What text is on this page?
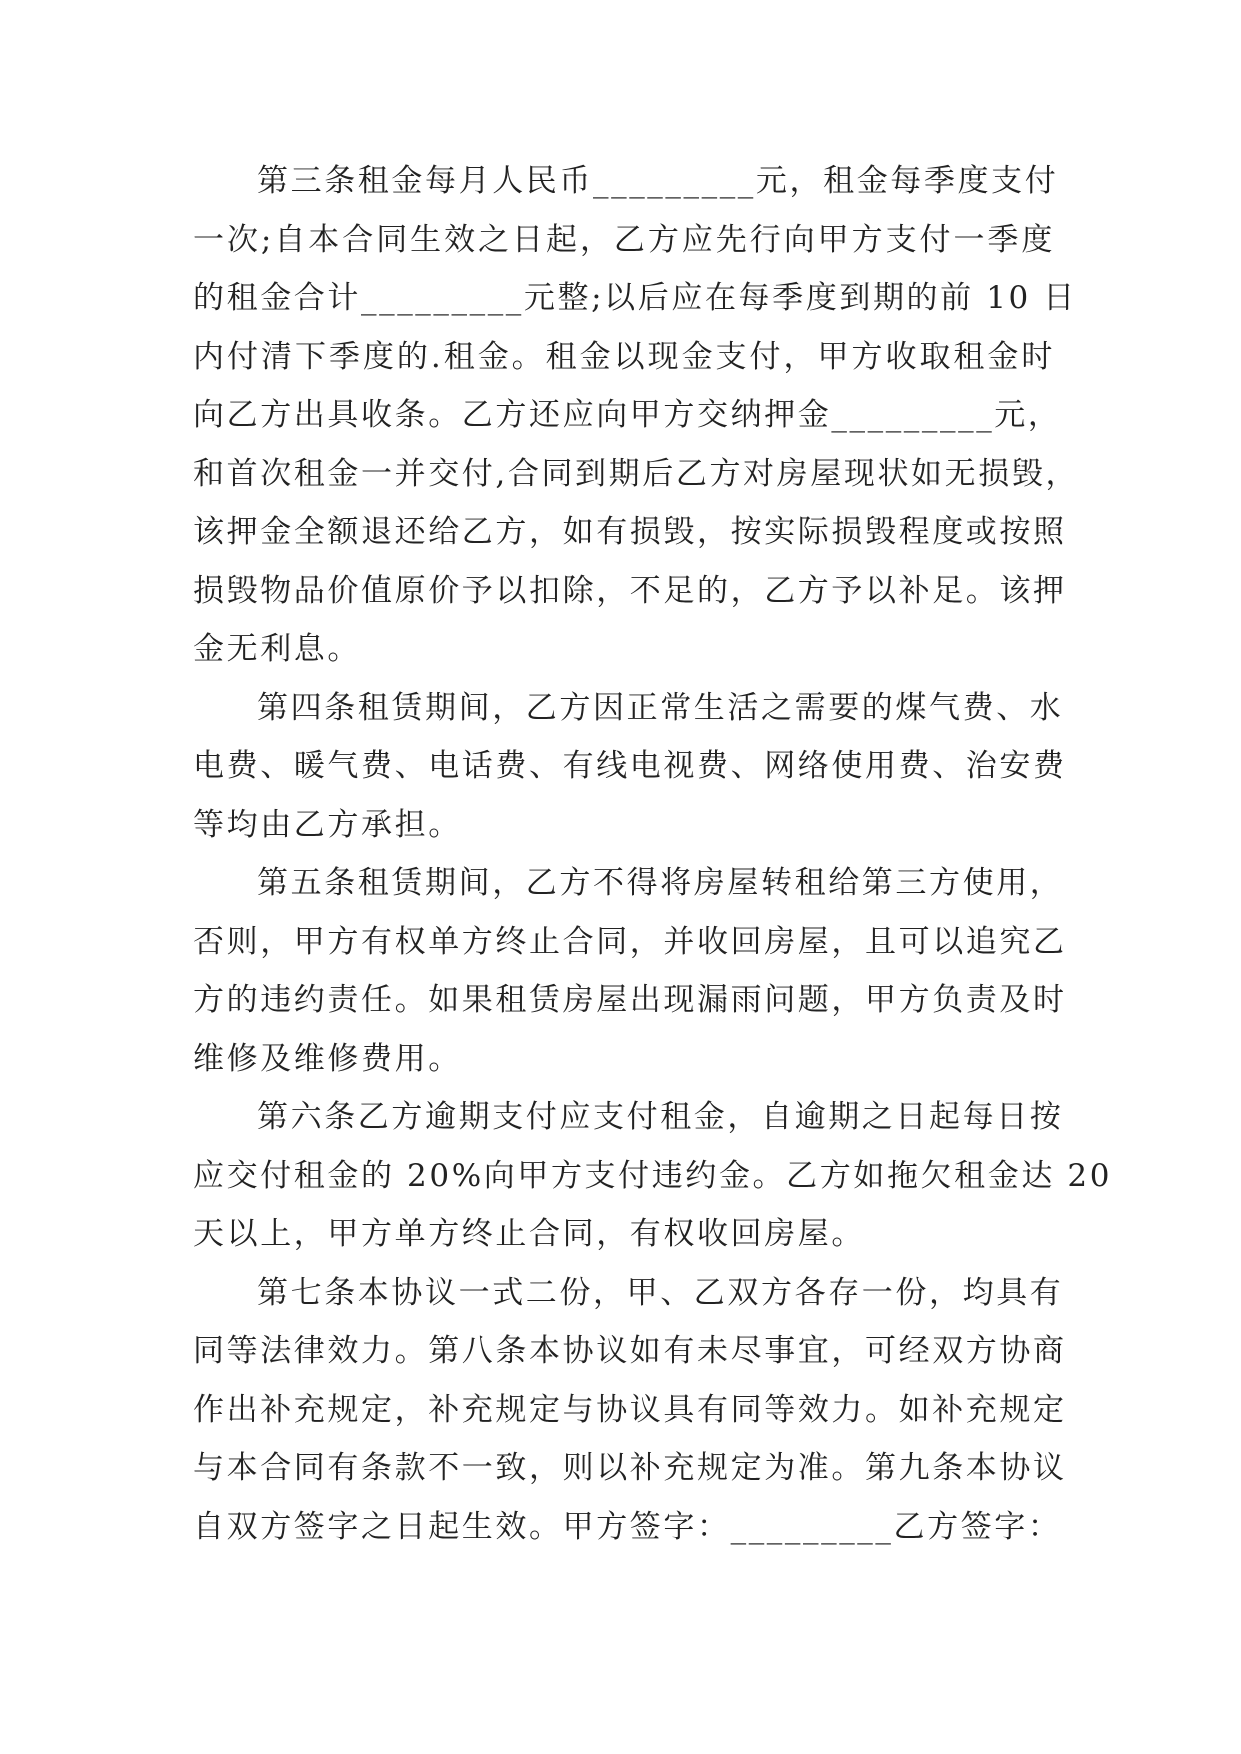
第三条租金每月人民币_________元，租金每季度支付
一次;自本合同生效之日起，乙方应先行向甲方支付一季度
的租金合计_________元整;以后应在每季度到期的前 10 日
内付清下季度的.租金。租金以现金支付，甲方收取租金时
向乙方出具收条。乙方还应向甲方交纳押金_________元，
和首次租金一并交付,合同到期后乙方对房屋现状如无损毁，
该押金全额退还给乙方，如有损毁，按实际损毁程度或按照
损毁物品价值原价予以扣除，不足的，乙方予以补足。该押
金无利息。
第四条租赁期间，乙方因正常生活之需要的煤气费、水
电费、暖气费、电话费、有线电视费、网络使用费、治安费
等均由乙方承担。
第五条租赁期间，乙方不得将房屋转租给第三方使用，
否则，甲方有权单方终止合同，并收回房屋，且可以追究乙
方的违约责任。如果租赁房屋出现漏雨问题，甲方负责及时
维修及维修费用。
第六条乙方逾期支付应支付租金，自逾期之日起每日按
应交付租金的 20%向甲方支付违约金。乙方如拖欠租金达 20
天以上，甲方单方终止合同，有权收回房屋。
第七条本协议一式二份，甲、乙双方各存一份，均具有
同等法律效力。第八条本协议如有未尽事宜，可经双方协商
作出补充规定，补充规定与协议具有同等效力。如补充规定
与本合同有条款不一致，则以补充规定为准。第九条本协议
自双方签字之日起生效。甲方签字：_________乙方签字：
